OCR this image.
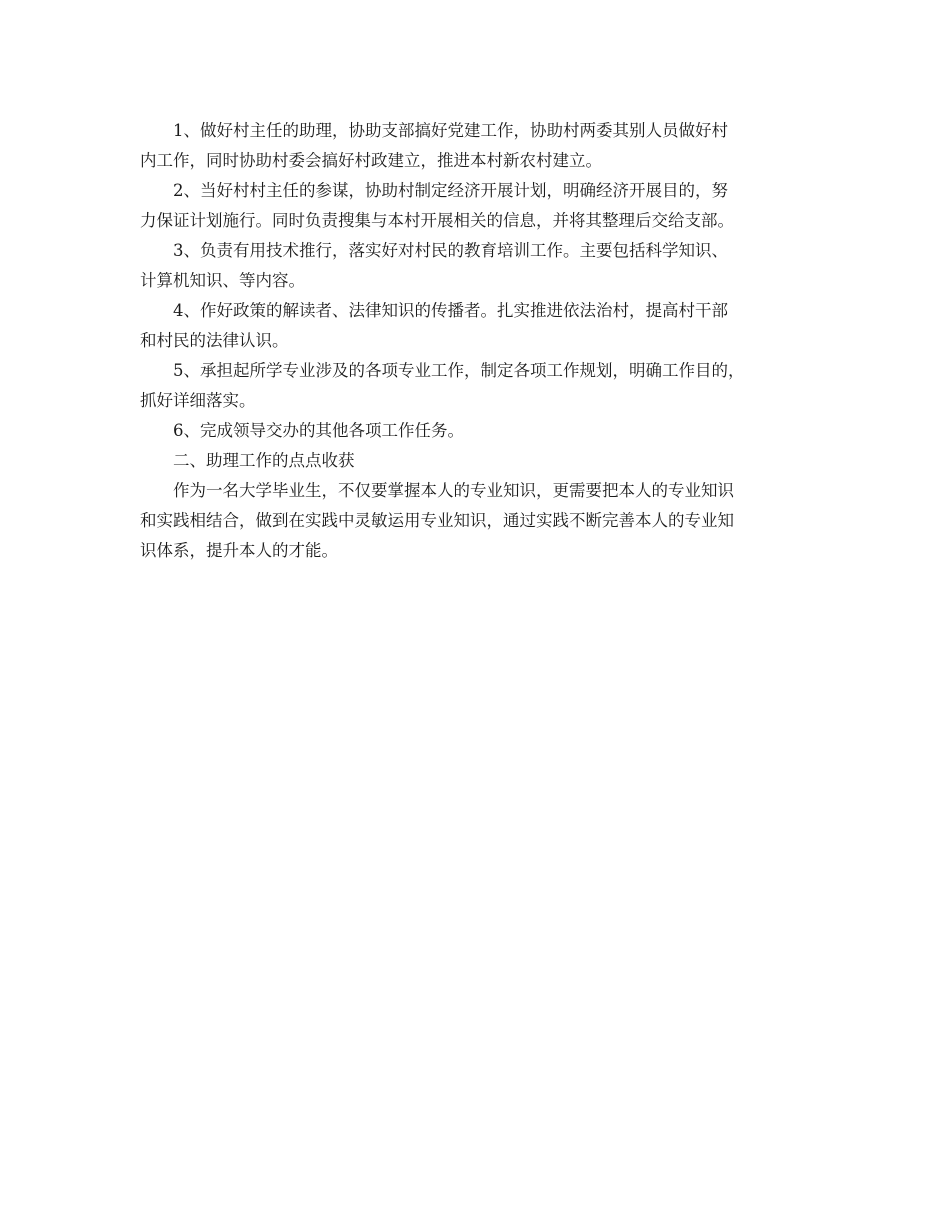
1、做好村主任的助理，协助支部搞好党建工作，协助村两委其别人员做好村
内工作，同时协助村委会搞好村政建立，推进本村新农村建立。

2、当好村村主任的参谋，协助村制定经济开展计划，明确经济开展目的，努
力保证计划施行。同时负责搜集与本村开展相关的信息，并将其整理后交给支部。

3、负责有用技术推行，落实好对村民的教育培训工作。主要包括科学知识、
计算机知识、等内容。

4、作好政策的解读者、法律知识的传播者。扎实推进依法治村，提高村干部
和村民的法律认识。

5、承担起所学专业涉及的各项专业工作，制定各项工作规划，明确工作目的，
抓好详细落实。

6、完成领导交办的其他各项工作任务。

二、助理工作的点点收获

作为一名大学毕业生，不仅要掌握本人的专业知识，更需要把本人的专业知识
和实践相结合，做到在实践中灵敏运用专业知识，通过实践不断完善本人的专业知
识体系，提升本人的才能。
